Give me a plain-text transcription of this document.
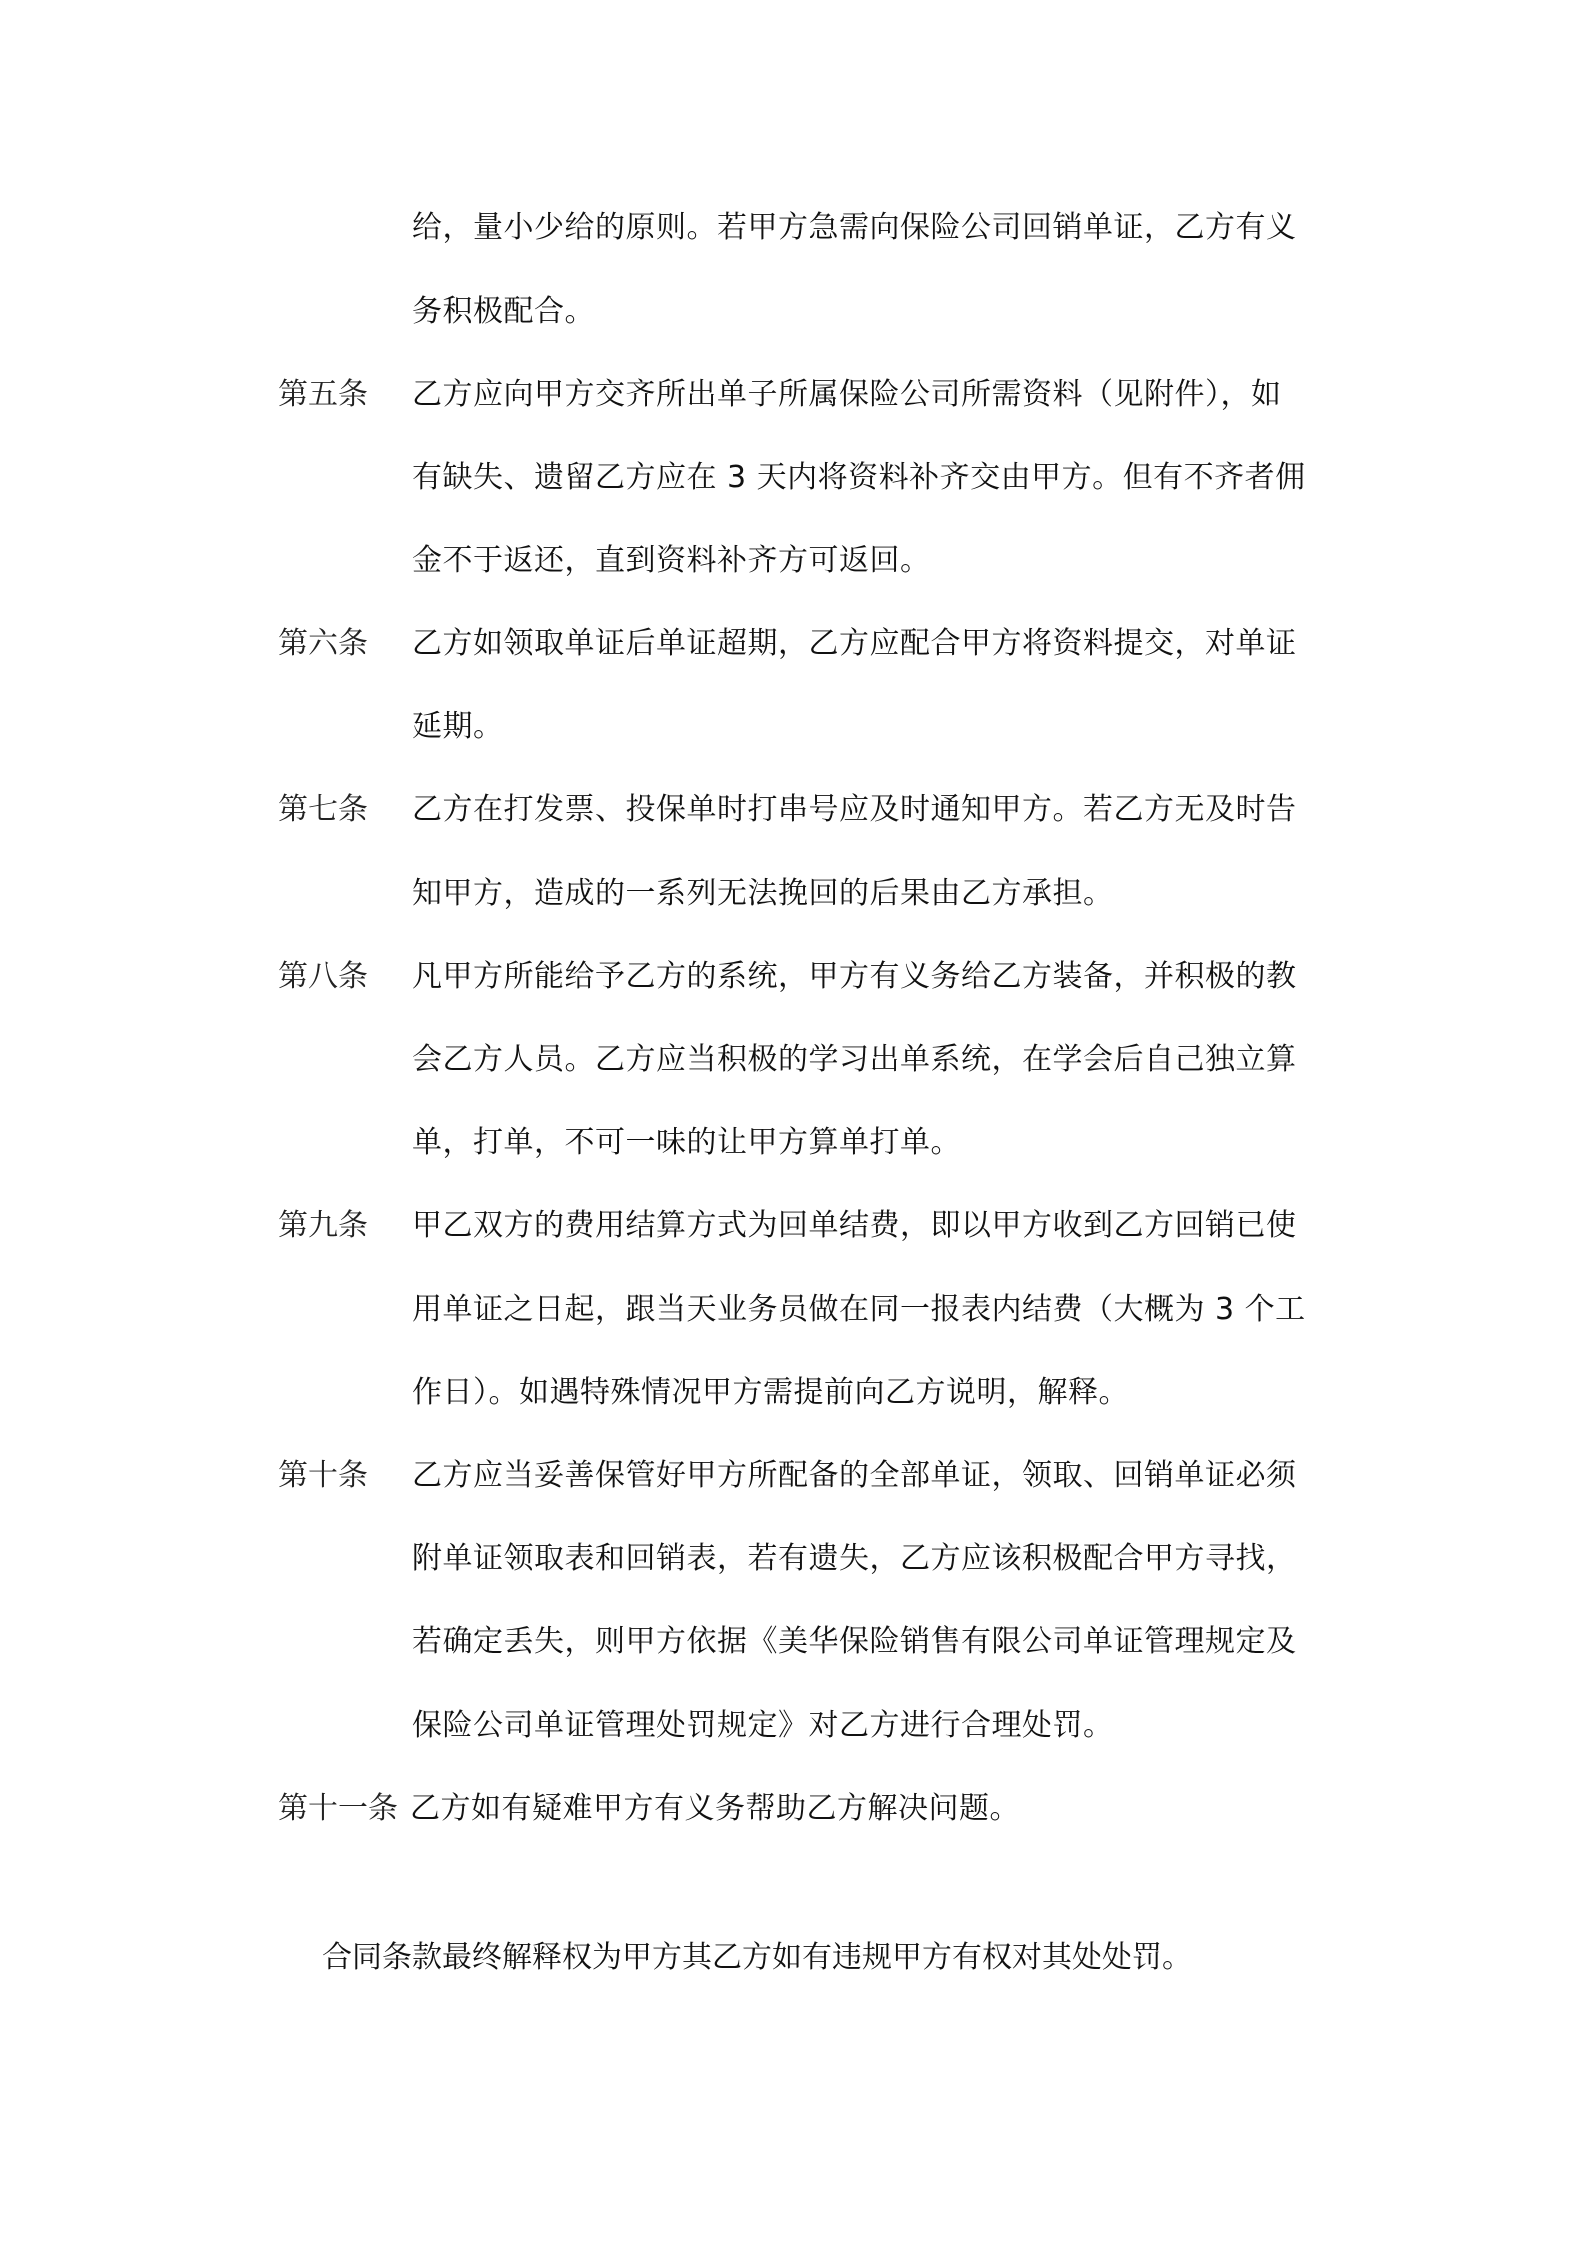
给，量小少给的原则。若甲方急需向保险公司回销单证，乙方有义
务积极配合。
第五条 乙方应向甲方交齐所出单子所属保险公司所需资料（见附件），如
有缺失、遗留乙方应在 3 天内将资料补齐交由甲方。但有不齐者佣
金不于返还，直到资料补齐方可返回。
第六条 乙方如领取单证后单证超期，乙方应配合甲方将资料提交，对单证
延期。
第七条 乙方在打发票、投保单时打串号应及时通知甲方。若乙方无及时告
知甲方，造成的一系列无法挽回的后果由乙方承担。
第八条 凡甲方所能给予乙方的系统，甲方有义务给乙方装备，并积极的教
会乙方人员。乙方应当积极的学习出单系统，在学会后自己独立算
单，打单，不可一味的让甲方算单打单。
第九条 甲乙双方的费用结算方式为回单结费，即以甲方收到乙方回销已使
用单证之日起，跟当天业务员做在同一报表内结费（大概为 3 个工
作日）。如遇特殊情况甲方需提前向乙方说明，解释。
第十条 乙方应当妥善保管好甲方所配备的全部单证，领取、回销单证必须
附单证领取表和回销表，若有遗失，乙方应该积极配合甲方寻找，
若确定丢失，则甲方依据《美华保险销售有限公司单证管理规定及
保险公司单证管理处罚规定》对乙方进行合理处罚。
第十一条 乙方如有疑难甲方有义务帮助乙方解决问题。
合同条款最终解释权为甲方其乙方如有违规甲方有权对其处处罚。
